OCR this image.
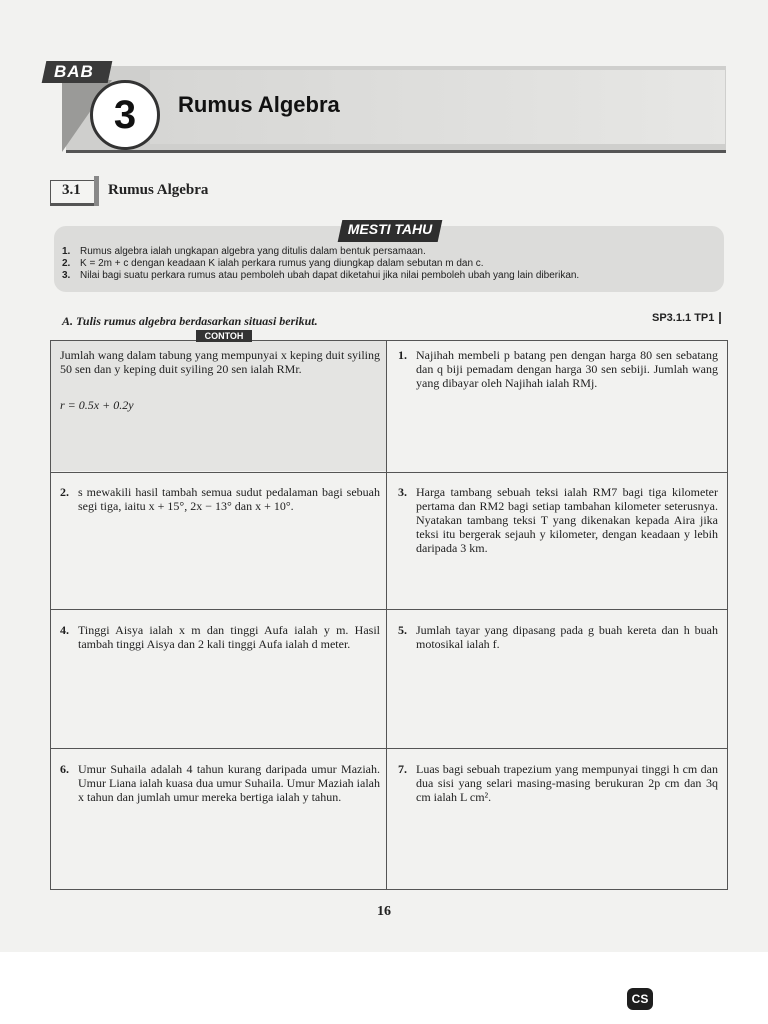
BAB
3	Rumus Algebra
3.1 Rumus Algebra
MESTI TAHU
1. Rumus algebra ialah ungkapan algebra yang ditulis dalam bentuk persamaan.
2. K = 2m + c dengan keadaan K ialah perkara rumus yang diungkap dalam sebutan m dan c.
3. Nilai bagi suatu perkara rumus atau pemboleh ubah dapat diketahui jika nilai pemboleh ubah yang lain diberikan.
A. Tulis rumus algebra berdasarkan situasi berikut.	SP3.1.1 TP1
CONTOH
Jumlah wang dalam tabung yang mempunyai x keping duit syiling 50 sen dan y keping duit syiling 20 sen ialah RMr.
r = 0.5x + 0.2y
1. Najihah membeli p batang pen dengan harga 80 sen sebatang dan q biji pemadam dengan harga 30 sen sebiji. Jumlah wang yang dibayar oleh Najihah ialah RMj.
2. s mewakili hasil tambah semua sudut pedalaman bagi sebuah segi tiga, iaitu x + 15°, 2x − 13° dan x + 10°.
3. Harga tambang sebuah teksi ialah RM7 bagi tiga kilometer pertama dan RM2 bagi setiap tambahan kilometer seterusnya. Nyatakan tambang teksi T yang dikenakan kepada Aira jika teksi itu bergerak sejauh y kilometer, dengan keadaan y lebih daripada 3 km.
4. Tinggi Aisya ialah x m dan tinggi Aufa ialah y m. Hasil tambah tinggi Aisya dan 2 kali tinggi Aufa ialah d meter.
5. Jumlah tayar yang dipasang pada g buah kereta dan h buah motosikal ialah f.
6. Umur Suhaila adalah 4 tahun kurang daripada umur Maziah. Umur Liana ialah kuasa dua umur Suhaila. Umur Maziah ialah x tahun dan jumlah umur mereka bertiga ialah y tahun.
7. Luas bagi sebuah trapezium yang mempunyai tinggi h cm dan dua sisi yang selari masing-masing berukuran 2p cm dan 3q cm ialah L cm².
16
CS
